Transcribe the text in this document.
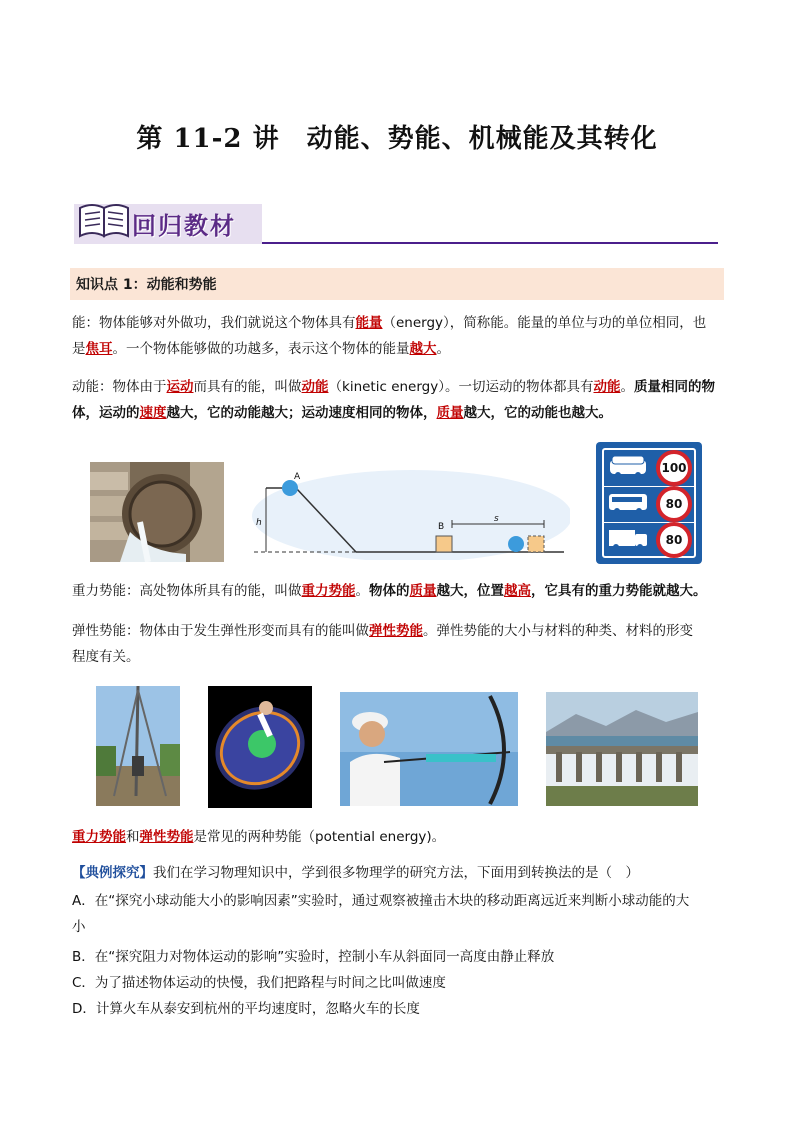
第 11-2 讲　动能、势能、机械能及其转化
回归教材
知识点 1：动能和势能
能：物体能够对外做功，我们就说这个物体具有能量（energy），简称能。能量的单位与功的单位相同，也
是焦耳。一个物体能够做的功越多，表示这个物体的能量越大。
动能：物体由于运动而具有的能，叫做动能（kinetic energy）。一切运动的物体都具有动能。质量相同的物
体，运动的速度越大，它的动能越大；运动速度相同的物体，质量越大，它的动能也越大。
A
h	B
s
100
80
80
重力势能：高处物体所具有的能，叫做重力势能。物体的质量越大，位置越高，它具有的重力势能就越大。
弹性势能：物体由于发生弹性形变而具有的能叫做弹性势能。弹性势能的大小与材料的种类、材料的形变
程度有关。
重力势能和弹性势能是常见的两种势能（potential energy)。
【典例探究】我们在学习物理知识中，学到很多物理学的研究方法，下面用到转换法的是（　）
A．在“探究小球动能大小的影响因素”实验时，通过观察被撞击木块的移动距离远近来判断小球动能的大
小
B．在“探究阻力对物体运动的影响”实验时，控制小车从斜面同一高度由静止释放
C．为了描述物体运动的快慢，我们把路程与时间之比叫做速度
D．计算火车从泰安到杭州的平均速度时，忽略火车的长度
